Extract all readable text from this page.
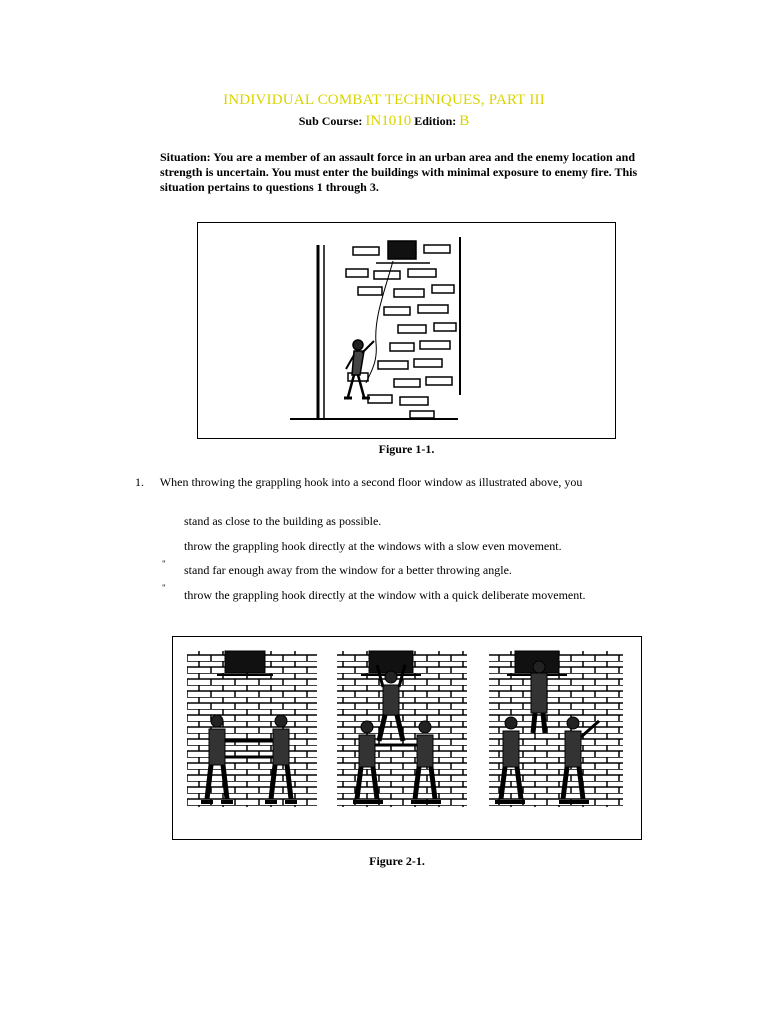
INDIVIDUAL COMBAT TECHNIQUES, PART III
Sub Course: IN1010 Edition: B
Situation: You are a member of an assault force in an urban area and the enemy location and strength is uncertain. You must enter the buildings with minimal exposure to enemy fire. This situation pertains to questions 1 through 3.
Figure 1-1.
1. When throwing the grappling hook into a second floor window as illustrated above, you
stand as close to the building as possible.
throw the grappling hook directly at the windows with a slow even movement.
" stand far enough away from the window for a better throwing angle.
" throw the grappling hook directly at the window with a quick deliberate movement.
Figure 2-1.
